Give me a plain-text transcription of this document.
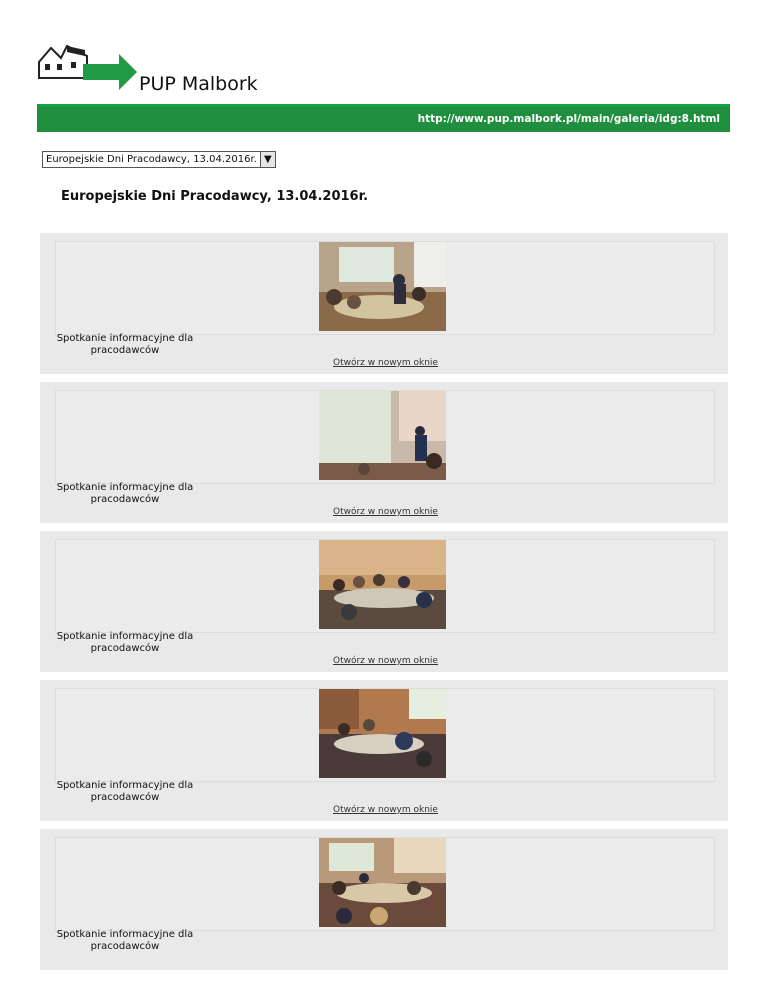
PUP Malbork
http://www.pup.malbork.pl/main/galeria/idg:8.html
Europejskie Dni Pracodawcy, 13.04.2016r. ▼
Europejskie Dni Pracodawcy, 13.04.2016r.
Spotkanie informacyjne dla pracodawców
Otwórz w nowym oknie
Spotkanie informacyjne dla pracodawców
Otwórz w nowym oknie
Spotkanie informacyjne dla pracodawców
Otwórz w nowym oknie
Spotkanie informacyjne dla pracodawców
Otwórz w nowym oknie
Spotkanie informacyjne dla pracodawców
